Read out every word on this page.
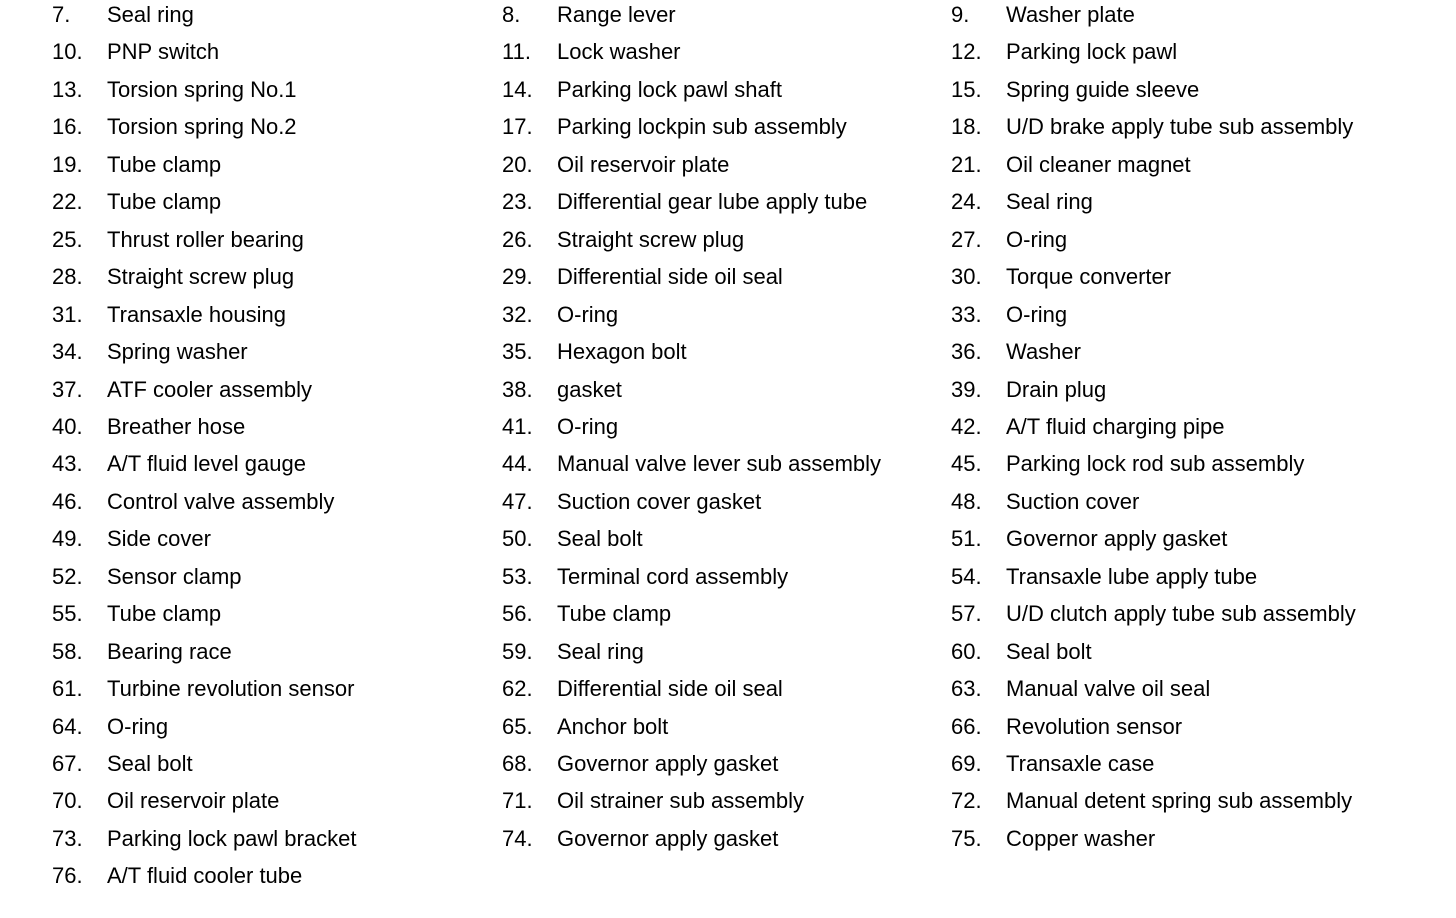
7. Seal ring	8. Range lever	9. Washer plate
10. PNP switch	11. Lock washer	12. Parking lock pawl
13. Torsion spring No.1	14. Parking lock pawl shaft	15. Spring guide sleeve
16. Torsion spring No.2	17. Parking lockpin sub assembly	18. U/D brake apply tube sub assembly
19. Tube clamp	20. Oil reservoir plate	21. Oil cleaner magnet
22. Tube clamp	23. Differential gear lube apply tube	24. Seal ring
25. Thrust roller bearing	26. Straight screw plug	27. O-ring
28. Straight screw plug	29. Differential side oil seal	30. Torque converter
31. Transaxle housing	32. O-ring	33. O-ring
34. Spring washer	35. Hexagon bolt	36. Washer
37. ATF cooler assembly	38. gasket	39. Drain plug
40. Breather hose	41. O-ring	42. A/T fluid charging pipe
43. A/T fluid level gauge	44. Manual valve lever sub assembly	45. Parking lock rod sub assembly
46. Control valve assembly	47. Suction cover gasket	48. Suction cover
49. Side cover	50. Seal bolt	51. Governor apply gasket
52. Sensor clamp	53. Terminal cord assembly	54. Transaxle lube apply tube
55. Tube clamp	56. Tube clamp	57. U/D clutch apply tube sub assembly
58. Bearing race	59. Seal ring	60. Seal bolt
61. Turbine revolution sensor	62. Differential side oil seal	63. Manual valve oil seal
64. O-ring	65. Anchor bolt	66. Revolution sensor
67. Seal bolt	68. Governor apply gasket	69. Transaxle case
70. Oil reservoir plate	71. Oil strainer sub assembly	72. Manual detent spring sub assembly
73. Parking lock pawl bracket	74. Governor apply gasket	75. Copper washer
76. A/T fluid cooler tube
